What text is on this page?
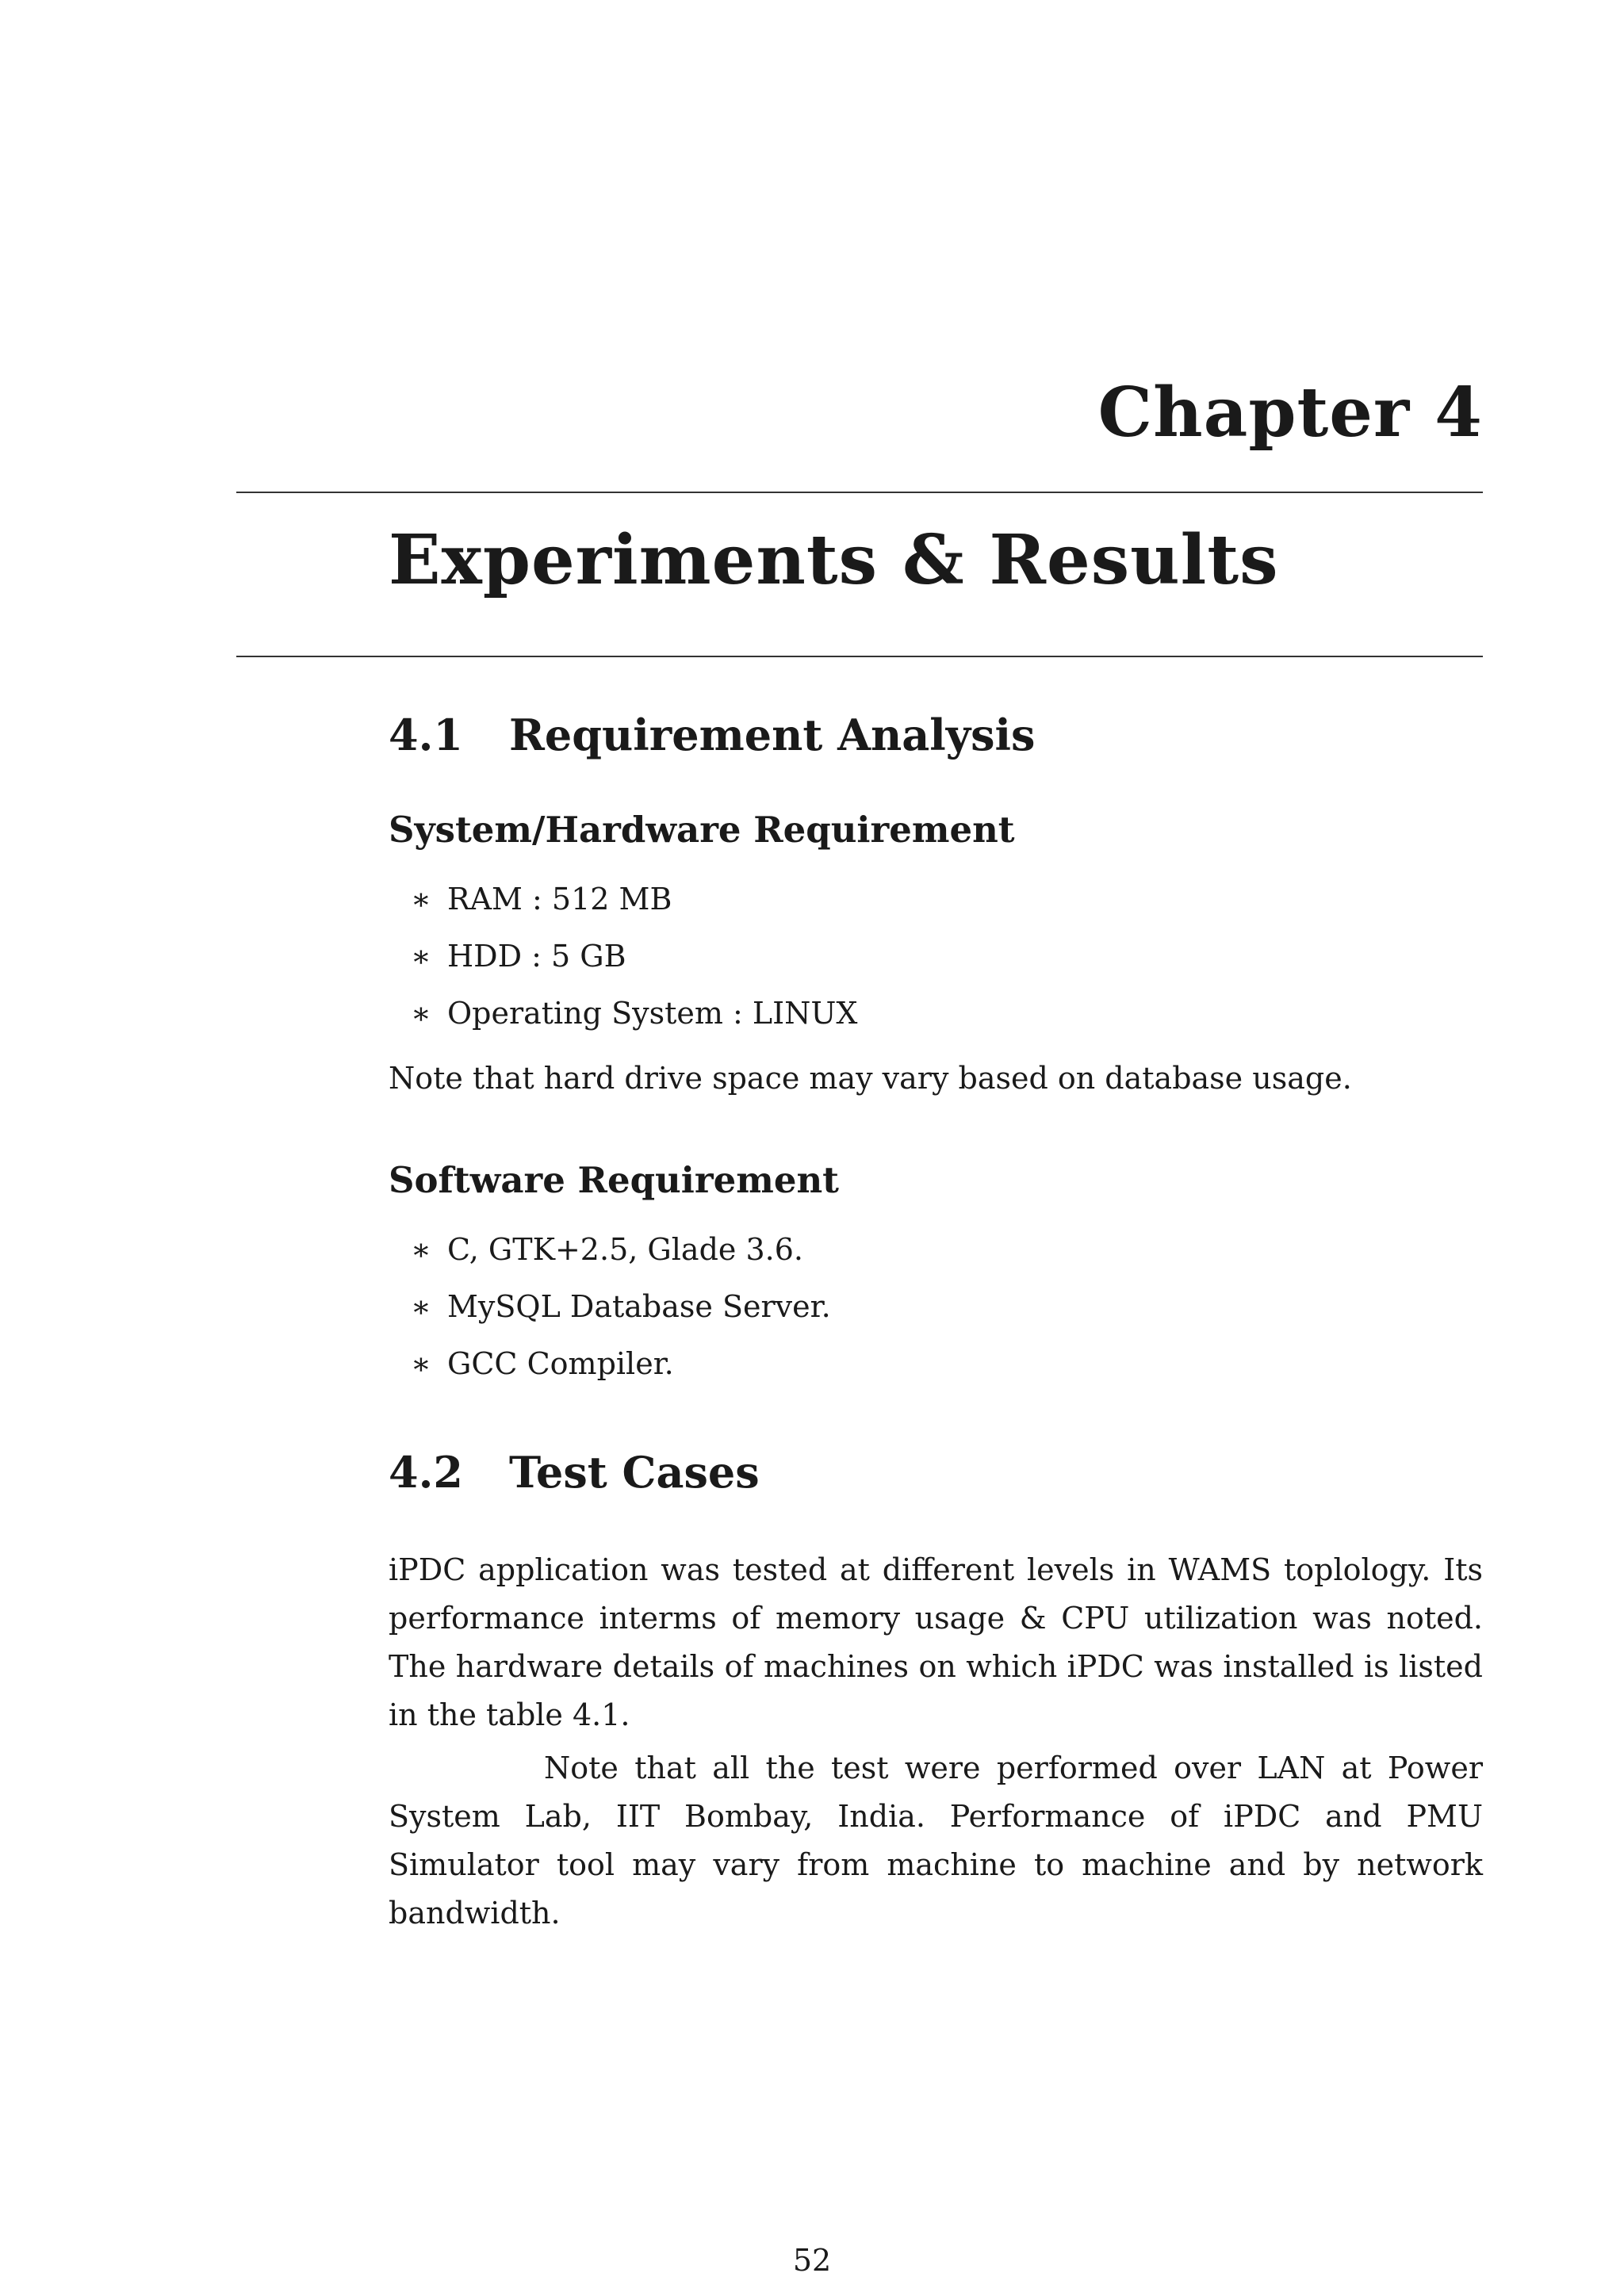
Chapter 4
Experiments & Results
4.1 Requirement Analysis
System/Hardware Requirement
∗ RAM : 512 MB
∗ HDD : 5 GB
∗ Operating System : LINUX

Note that hard drive space may vary based on database usage.

Software Requirement
∗ C, GTK+2.5, Glade 3.6.
∗ MySQL Database Server.
∗ GCC Compiler.
4.2 Test Cases

iPDC application was tested at different levels in WAMS toplology. Its performance interms of memory usage & CPU utilization was noted. The hardware details of machines on which iPDC was installed is listed in the table 4.1.

Note that all the test were performed over LAN at Power System Lab, IIT Bombay, India. Performance of iPDC and PMU Simulator tool may vary from machine to machine and by network bandwidth.

52
